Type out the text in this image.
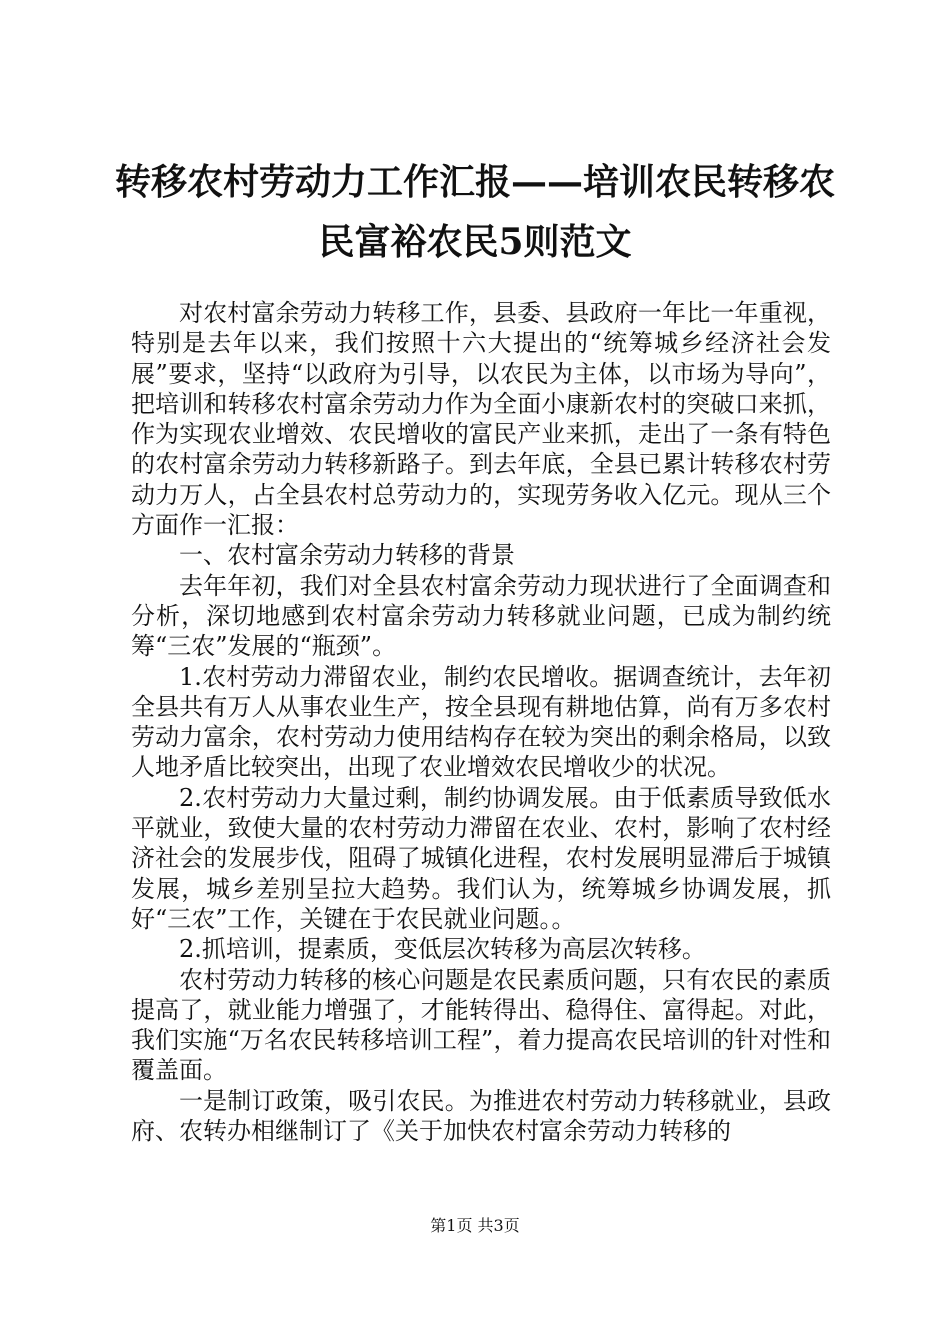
转移农村劳动力工作汇报——培训农民转移农
民富裕农民5则范文

对农村富余劳动力转移工作，县委、县政府一年比一年重视，特别是去年以来，我们按照十六大提出的“统筹城乡经济社会发展”要求，坚持“以政府为引导，以农民为主体，以市场为导向”，把培训和转移农村富余劳动力作为全面小康新农村的突破口来抓，作为实现农业增效、农民增收的富民产业来抓，走出了一条有特色的农村富余劳动力转移新路子。到去年底，全县已累计转移农村劳动力万人，占全县农村总劳动力的，实现劳务收入亿元。现从三个方面作一汇报：

一、农村富余劳动力转移的背景

去年年初，我们对全县农村富余劳动力现状进行了全面调查和分析，深切地感到农村富余劳动力转移就业问题，已成为制约统筹“三农”发展的“瓶颈”。

1.农村劳动力滞留农业，制约农民增收。据调查统计，去年初全县共有万人从事农业生产，按全县现有耕地估算，尚有万多农村劳动力富余，农村劳动力使用结构存在较为突出的剩余格局，以致人地矛盾比较突出，出现了农业增效农民增收少的状况。

2.农村劳动力大量过剩，制约协调发展。由于低素质导致低水平就业，致使大量的农村劳动力滞留在农业、农村，影响了农村经济社会的发展步伐，阻碍了城镇化进程，农村发展明显滞后于城镇发展，城乡差别呈拉大趋势。我们认为，统筹城乡协调发展，抓好“三农”工作，关键在于农民就业问题。。

2.抓培训，提素质，变低层次转移为高层次转移。

农村劳动力转移的核心问题是农民素质问题，只有农民的素质提高了，就业能力增强了，才能转得出、稳得住、富得起。对此，我们实施“万名农民转移培训工程”，着力提高农民培训的针对性和覆盖面。

一是制订政策，吸引农民。为推进农村劳动力转移就业，县政府、农转办相继制订了《关于加快农村富余劳动力转移的

第1页 共3页
